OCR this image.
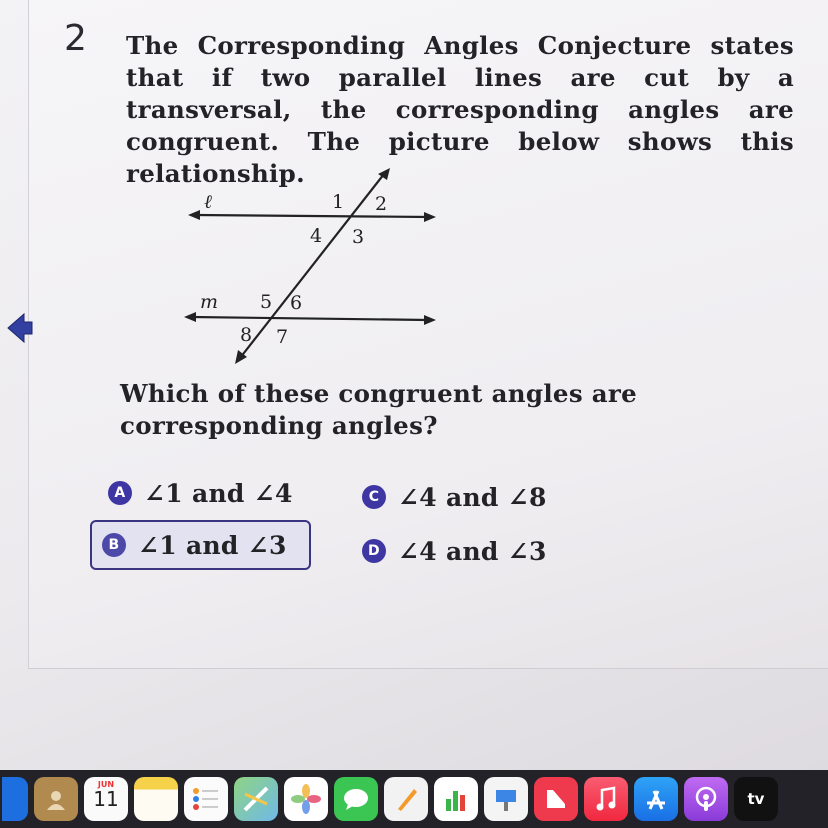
2 The Corresponding Angles Conjecture states that if two parallel lines are cut by a transversal, the corresponding angles are congruent. The picture below shows this relationship.

ℓ
m
1 2
3
4
5 6
7
8

Which of these congruent angles are corresponding angles?

A ∠1 and ∠4
B ∠1 and ∠3
C ∠4 and ∠8
D ∠4 and ∠3
JUN
11	tv
